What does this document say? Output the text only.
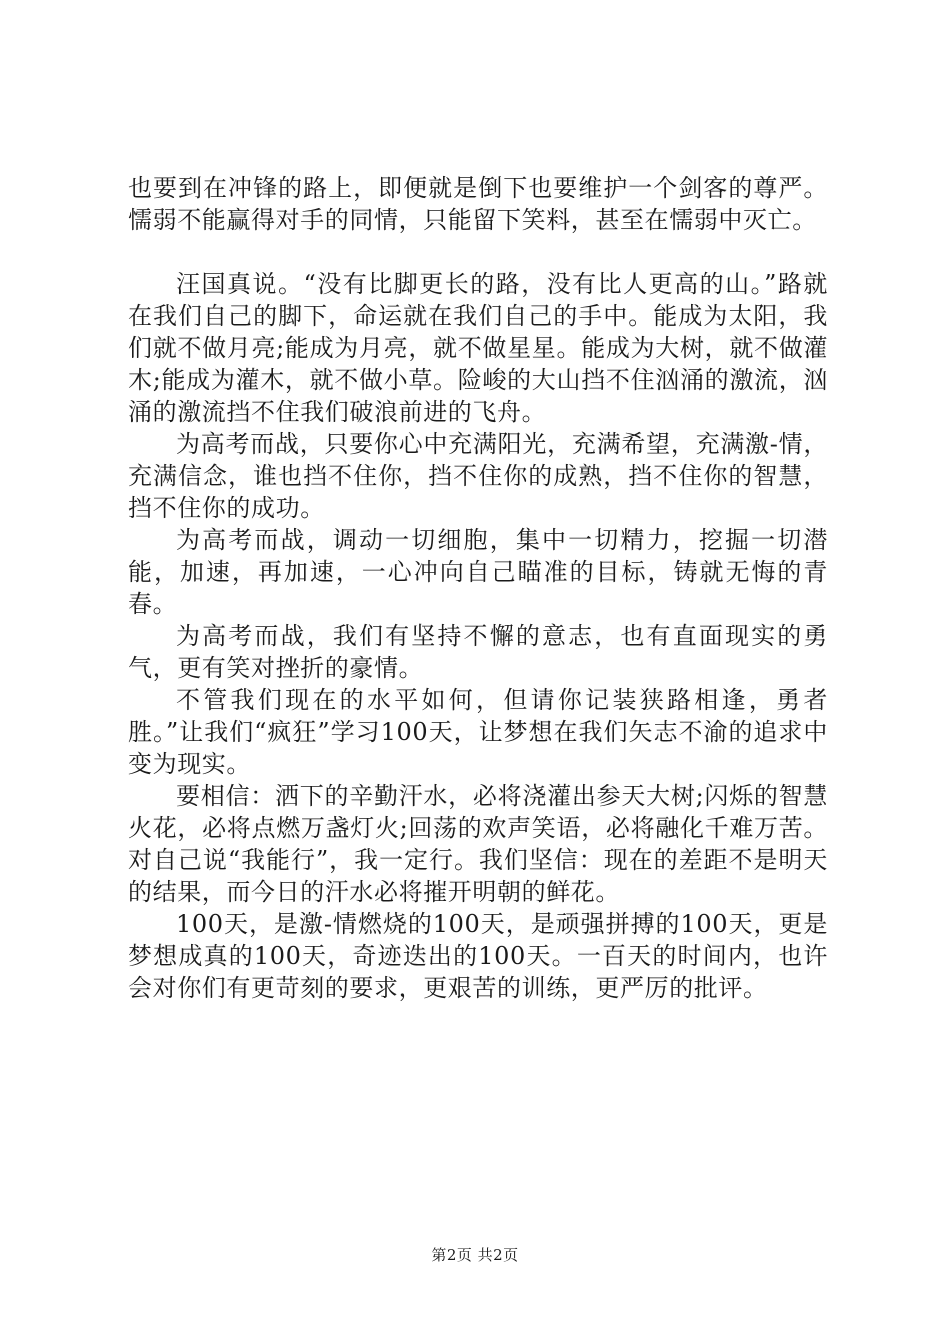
也要到在冲锋的路上，即便就是倒下也要维护一个剑客的尊严。懦弱不能赢得对手的同情，只能留下笑料，甚至在懦弱中灭亡。

汪国真说。“没有比脚更长的路，没有比人更高的山。”路就在我们自己的脚下，命运就在我们自己的手中。能成为太阳，我们就不做月亮;能成为月亮，就不做星星。能成为大树，就不做灌木;能成为灌木，就不做小草。险峻的大山挡不住汹涌的激流，汹涌的激流挡不住我们破浪前进的飞舟。

为高考而战，只要你心中充满阳光，充满希望，充满激-情，充满信念，谁也挡不住你，挡不住你的成熟，挡不住你的智慧，挡不住你的成功。

为高考而战，调动一切细胞，集中一切精力，挖掘一切潜能，加速，再加速，一心冲向自己瞄准的目标，铸就无悔的青春。

为高考而战，我们有坚持不懈的意志，也有直面现实的勇气，更有笑对挫折的豪情。

不管我们现在的水平如何，但请你记装狭路相逢，勇者胜。”让我们“疯狂”学习100天，让梦想在我们矢志不渝的追求中变为现实。

要相信：洒下的辛勤汗水，必将浇灌出参天大树;闪烁的智慧火花，必将点燃万盏灯火;回荡的欢声笑语，必将融化千难万苦。对自己说“我能行”，我一定行。我们坚信：现在的差距不是明天的结果，而今日的汗水必将摧开明朝的鲜花。

100天，是激-情燃烧的100天，是顽强拼搏的100天，更是梦想成真的100天，奇迹迭出的100天。一百天的时间内，也许会对你们有更苛刻的要求，更艰苦的训练，更严厉的批评。

第2页 共2页
